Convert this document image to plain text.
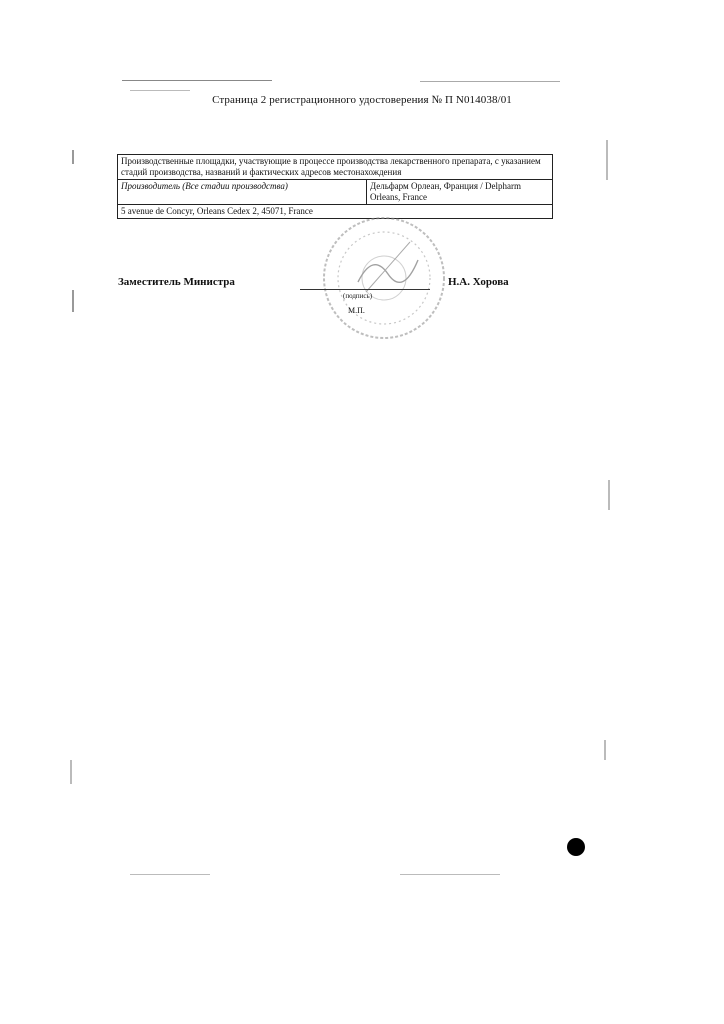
Страница 2 регистрационного удостоверения № П N014038/01
Производственные площадки, участвующие в процессе производства лекарственного препарата, с указанием стадий производства, названий и фактических адресов местонахождения
Производитель (Все стадии производства)	Дельфарм Орлеан, Франция / Delpharm Orleans, France
5 avenue de Concyr, Orleans Cedex 2, 45071, France
Заместитель Министра
(подпись)
М.П.
Н.А. Хорова
